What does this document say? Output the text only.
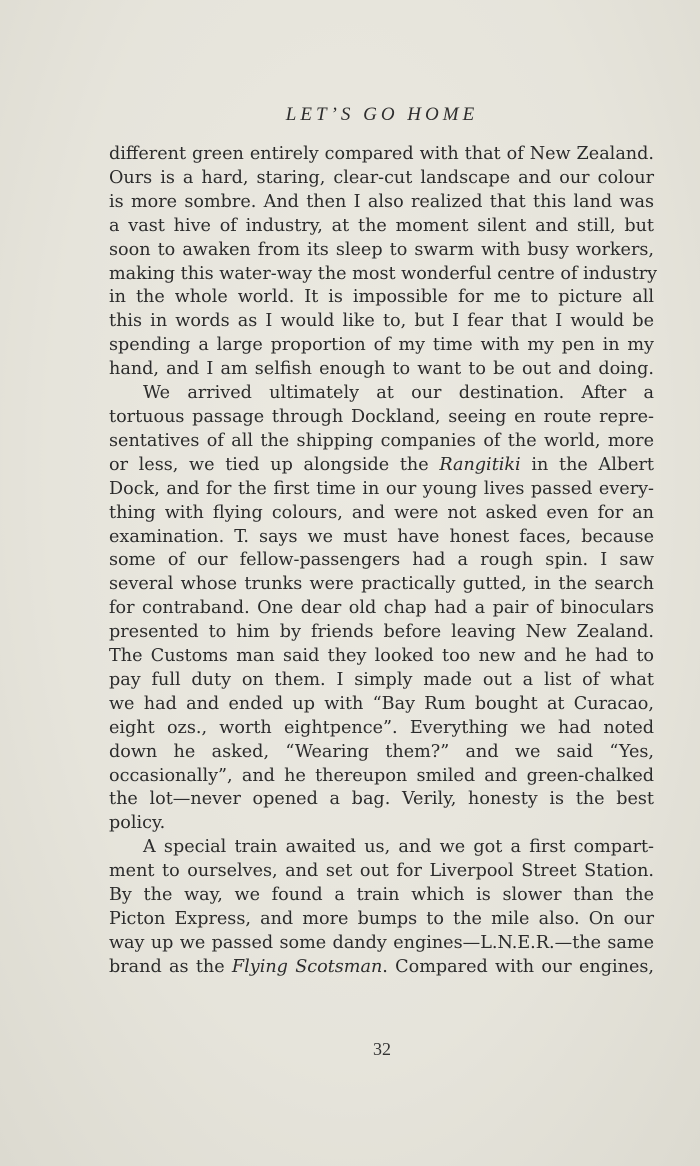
LET’S GO HOME
different green entirely compared with that of New Zealand.
Ours is a hard, staring, clear-cut landscape and our colour
is more sombre. And then I also realized that this land was
a vast hive of industry, at the moment silent and still, but
soon to awaken from its sleep to swarm with busy workers,
making this water-way the most wonderful centre of industry
in the whole world. It is impossible for me to picture all
this in words as I would like to, but I fear that I would be
spending a large proportion of my time with my pen in my
hand, and I am selfish enough to want to be out and doing.
We arrived ultimately at our destination. After a
tortuous passage through Dockland, seeing en route repre-
sentatives of all the shipping companies of the world, more
or less, we tied up alongside the Rangitiki in the Albert
Dock, and for the first time in our young lives passed every-
thing with flying colours, and were not asked even for an
examination. T. says we must have honest faces, because
some of our fellow-passengers had a rough spin. I saw
several whose trunks were practically gutted, in the search
for contraband. One dear old chap had a pair of binoculars
presented to him by friends before leaving New Zealand.
The Customs man said they looked too new and he had to
pay full duty on them. I simply made out a list of what
we had and ended up with “Bay Rum bought at Curacao,
eight ozs., worth eightpence”. Everything we had noted
down he asked, “Wearing them?” and we said “Yes,
occasionally”, and he thereupon smiled and green-chalked
the lot—never opened a bag. Verily, honesty is the best
policy.
A special train awaited us, and we got a first compart-
ment to ourselves, and set out for Liverpool Street Station.
By the way, we found a train which is slower than the
Picton Express, and more bumps to the mile also. On our
way up we passed some dandy engines—L.N.E.R.—the same
brand as the Flying Scotsman. Compared with our engines,
32
